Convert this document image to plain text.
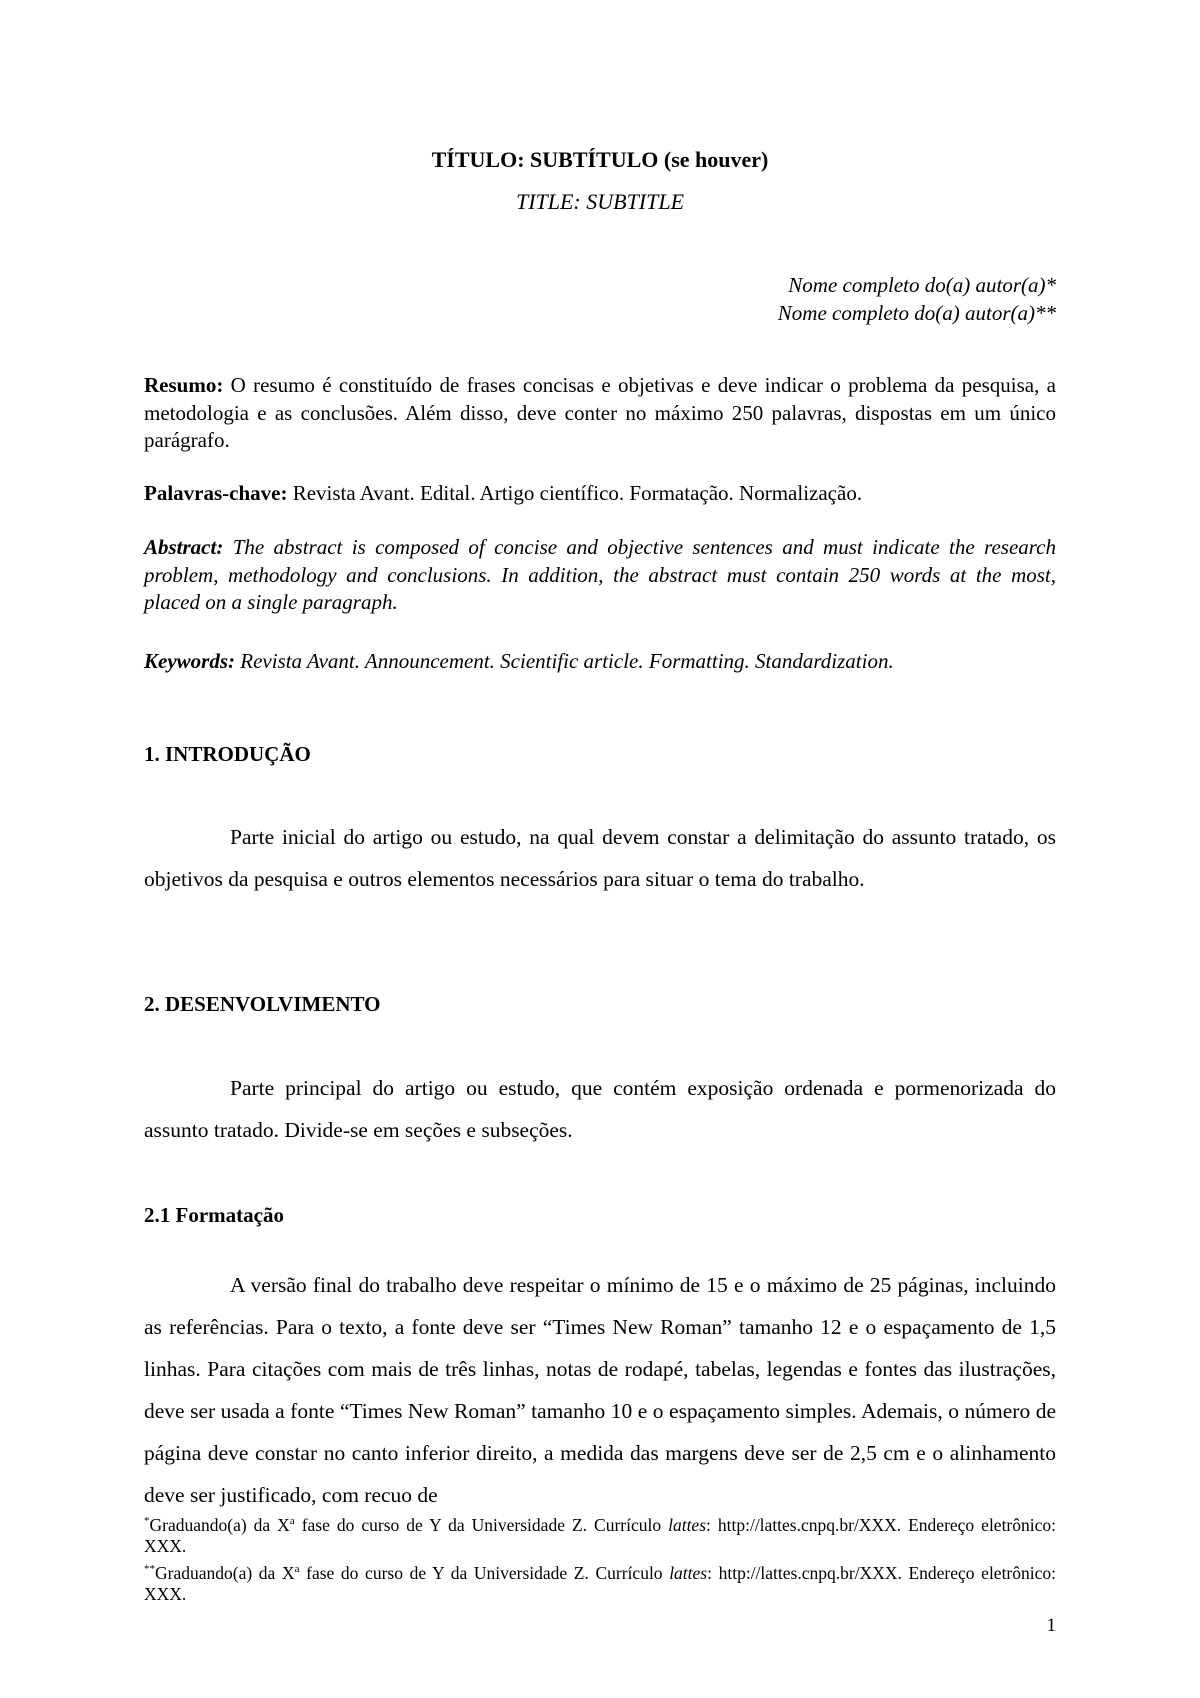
TÍTULO: SUBTÍTULO (se houver)
TITLE: SUBTITLE
Nome completo do(a) autor(a)*
Nome completo do(a) autor(a)**
Resumo: O resumo é constituído de frases concisas e objetivas e deve indicar o problema da pesquisa, a metodologia e as conclusões. Além disso, deve conter no máximo 250 palavras, dispostas em um único parágrafo.
Palavras-chave: Revista Avant. Edital. Artigo científico. Formatação. Normalização.
Abstract: The abstract is composed of concise and objective sentences and must indicate the research problem, methodology and conclusions. In addition, the abstract must contain 250 words at the most, placed on a single paragraph.
Keywords: Revista Avant. Announcement. Scientific article. Formatting. Standardization.
1. INTRODUÇÃO
Parte inicial do artigo ou estudo, na qual devem constar a delimitação do assunto tratado, os objetivos da pesquisa e outros elementos necessários para situar o tema do trabalho.
2. DESENVOLVIMENTO
Parte principal do artigo ou estudo, que contém exposição ordenada e pormenorizada do assunto tratado. Divide-se em seções e subseções.
2.1 Formatação
A versão final do trabalho deve respeitar o mínimo de 15 e o máximo de 25 páginas, incluindo as referências. Para o texto, a fonte deve ser “Times New Roman” tamanho 12 e o espaçamento de 1,5 linhas. Para citações com mais de três linhas, notas de rodapé, tabelas, legendas e fontes das ilustrações, deve ser usada a fonte “Times New Roman” tamanho 10 e o espaçamento simples. Ademais, o número de página deve constar no canto inferior direito, a medida das margens deve ser de 2,5 cm e o alinhamento deve ser justificado, com recuo de
*Graduando(a) da $X^a$ fase do curso de Y da Universidade Z. Currículo lattes: http://lattes.cnpq.br/XXX. Endereço eletrônico: XXX.
**Graduando(a) da $X^a$ fase do curso de Y da Universidade Z. Currículo lattes: http://lattes.cnpq.br/XXX. Endereço eletrônico: XXX.
1
